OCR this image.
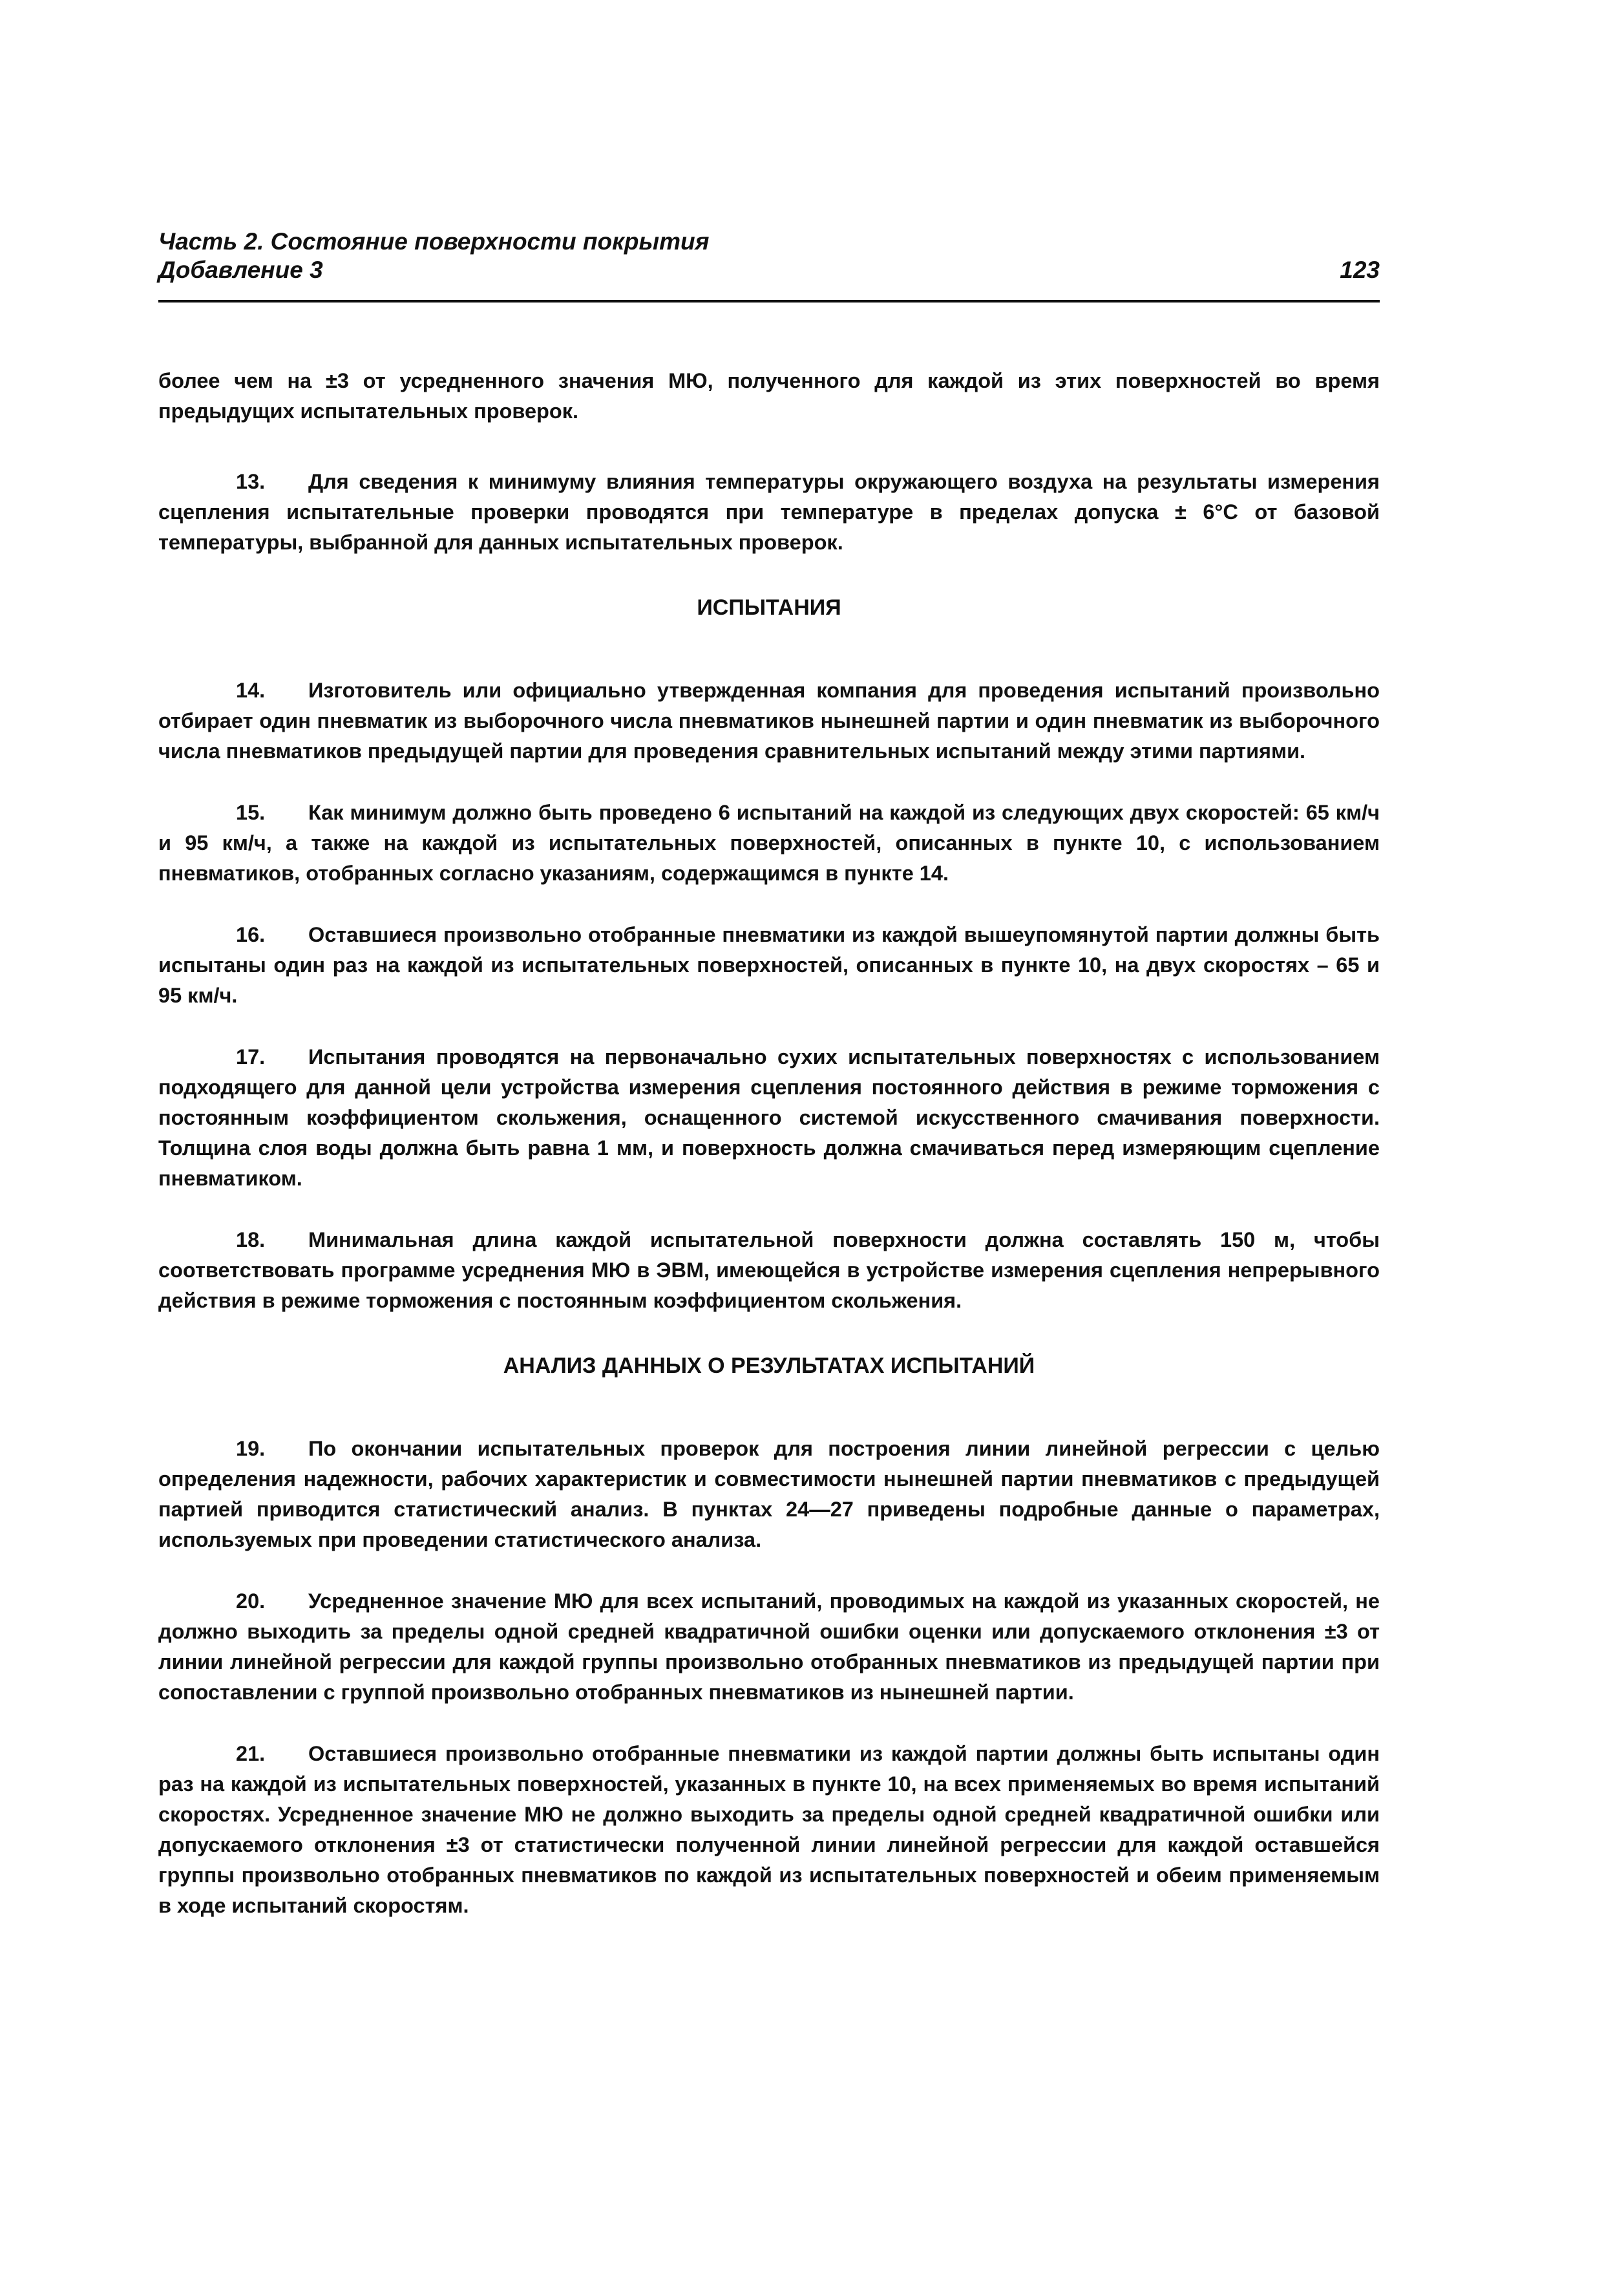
Часть 2. Состояние поверхности покрытия
Добавление 3	123

более чем на ±3 от усредненного значения МЮ, полученного для каждой из этих поверхностей во время предыдущих испытательных проверок.

13. Для сведения к минимуму влияния температуры окружающего воздуха на результаты измерения сцепления испытательные проверки проводятся при температуре в пределах допуска ± 6°С от базовой температуры, выбранной для данных испытательных проверок.

ИСПЫТАНИЯ

14. Изготовитель или официально утвержденная компания для проведения испытаний произвольно отбирает один пневматик из выборочного числа пневматиков нынешней партии и один пневматик из выборочного числа пневматиков предыдущей партии для проведения сравнительных испытаний между этими партиями.

15. Как минимум должно быть проведено 6 испытаний на каждой из следующих двух скоростей: 65 км/ч и 95 км/ч, а также на каждой из испытательных поверхностей, описанных в пункте 10, с использованием пневматиков, отобранных согласно указаниям, содержащимся в пункте 14.

16. Оставшиеся произвольно отобранные пневматики из каждой вышеупомянутой партии должны быть испытаны один раз на каждой из испытательных поверхностей, описанных в пункте 10, на двух скоростях – 65 и 95 км/ч.

17. Испытания проводятся на первоначально сухих испытательных поверхностях с использованием подходящего для данной цели устройства измерения сцепления постоянного действия в режиме торможения с постоянным коэффициентом скольжения, оснащенного системой искусственного смачивания поверхности. Толщина слоя воды должна быть равна 1 мм, и поверхность должна смачиваться перед измеряющим сцепление пневматиком.

18. Минимальная длина каждой испытательной поверхности должна составлять 150 м, чтобы соответствовать программе усреднения МЮ в ЭВМ, имеющейся в устройстве измерения сцепления непрерывного действия в режиме торможения с постоянным коэффициентом скольжения.

АНАЛИЗ ДАННЫХ О РЕЗУЛЬТАТАХ ИСПЫТАНИЙ

19. По окончании испытательных проверок для построения линии линейной регрессии с целью определения надежности, рабочих характеристик и совместимости нынешней партии пневматиков с предыдущей партией приводится статистический анализ. В пунктах 24—27 приведены подробные данные о параметрах, используемых при проведении статистического анализа.

20. Усредненное значение МЮ для всех испытаний, проводимых на каждой из указанных скоростей, не должно выходить за пределы одной средней квадратичной ошибки оценки или допускаемого отклонения ±3 от линии линейной регрессии для каждой группы произвольно отобранных пневматиков из предыдущей партии при сопоставлении с группой произвольно отобранных пневматиков из нынешней партии.

21. Оставшиеся произвольно отобранные пневматики из каждой партии должны быть испытаны один раз на каждой из испытательных поверхностей, указанных в пункте 10, на всех применяемых во время испытаний скоростях. Усредненное значение МЮ не должно выходить за пределы одной средней квадратичной ошибки или допускаемого отклонения ±3 от статистически полученной линии линейной регрессии для каждой оставшейся группы произвольно отобранных пневматиков по каждой из испытательных поверхностей и обеим применяемым в ходе испытаний скоростям.
